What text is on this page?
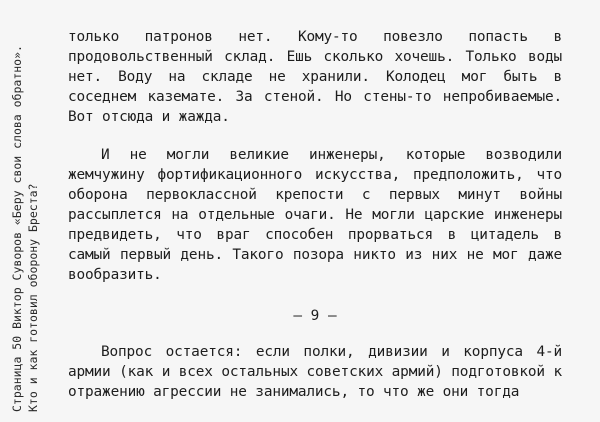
Страница 50 Виктор Суворов «Беру свои слова обратно». Кто и как готовил оборону Бреста?

только патронов нет. Кому-то повезло попасть в продовольственный склад. Ешь сколько хочешь. Только воды нет. Воду на складе не хранили. Колодец мог быть в соседнем каземате. За стеной. Но стены-то непробиваемые. Вот отсюда и жажда.

И не могли великие инженеры, которые возводили жемчужину фортификационного искусства, предположить, что оборона первоклассной крепости с первых минут войны рассыплется на отдельные очаги. Не могли царские инженеры предвидеть, что враг способен прорваться в цитадель в самый первый день. Такого позора никто из них не мог даже вообразить.

– 9 –

Вопрос остается: если полки, дивизии и корпуса 4-й армии (как и всех остальных советских армий) подготовкой к отражению агрессии не занимались, то что же они тогда
